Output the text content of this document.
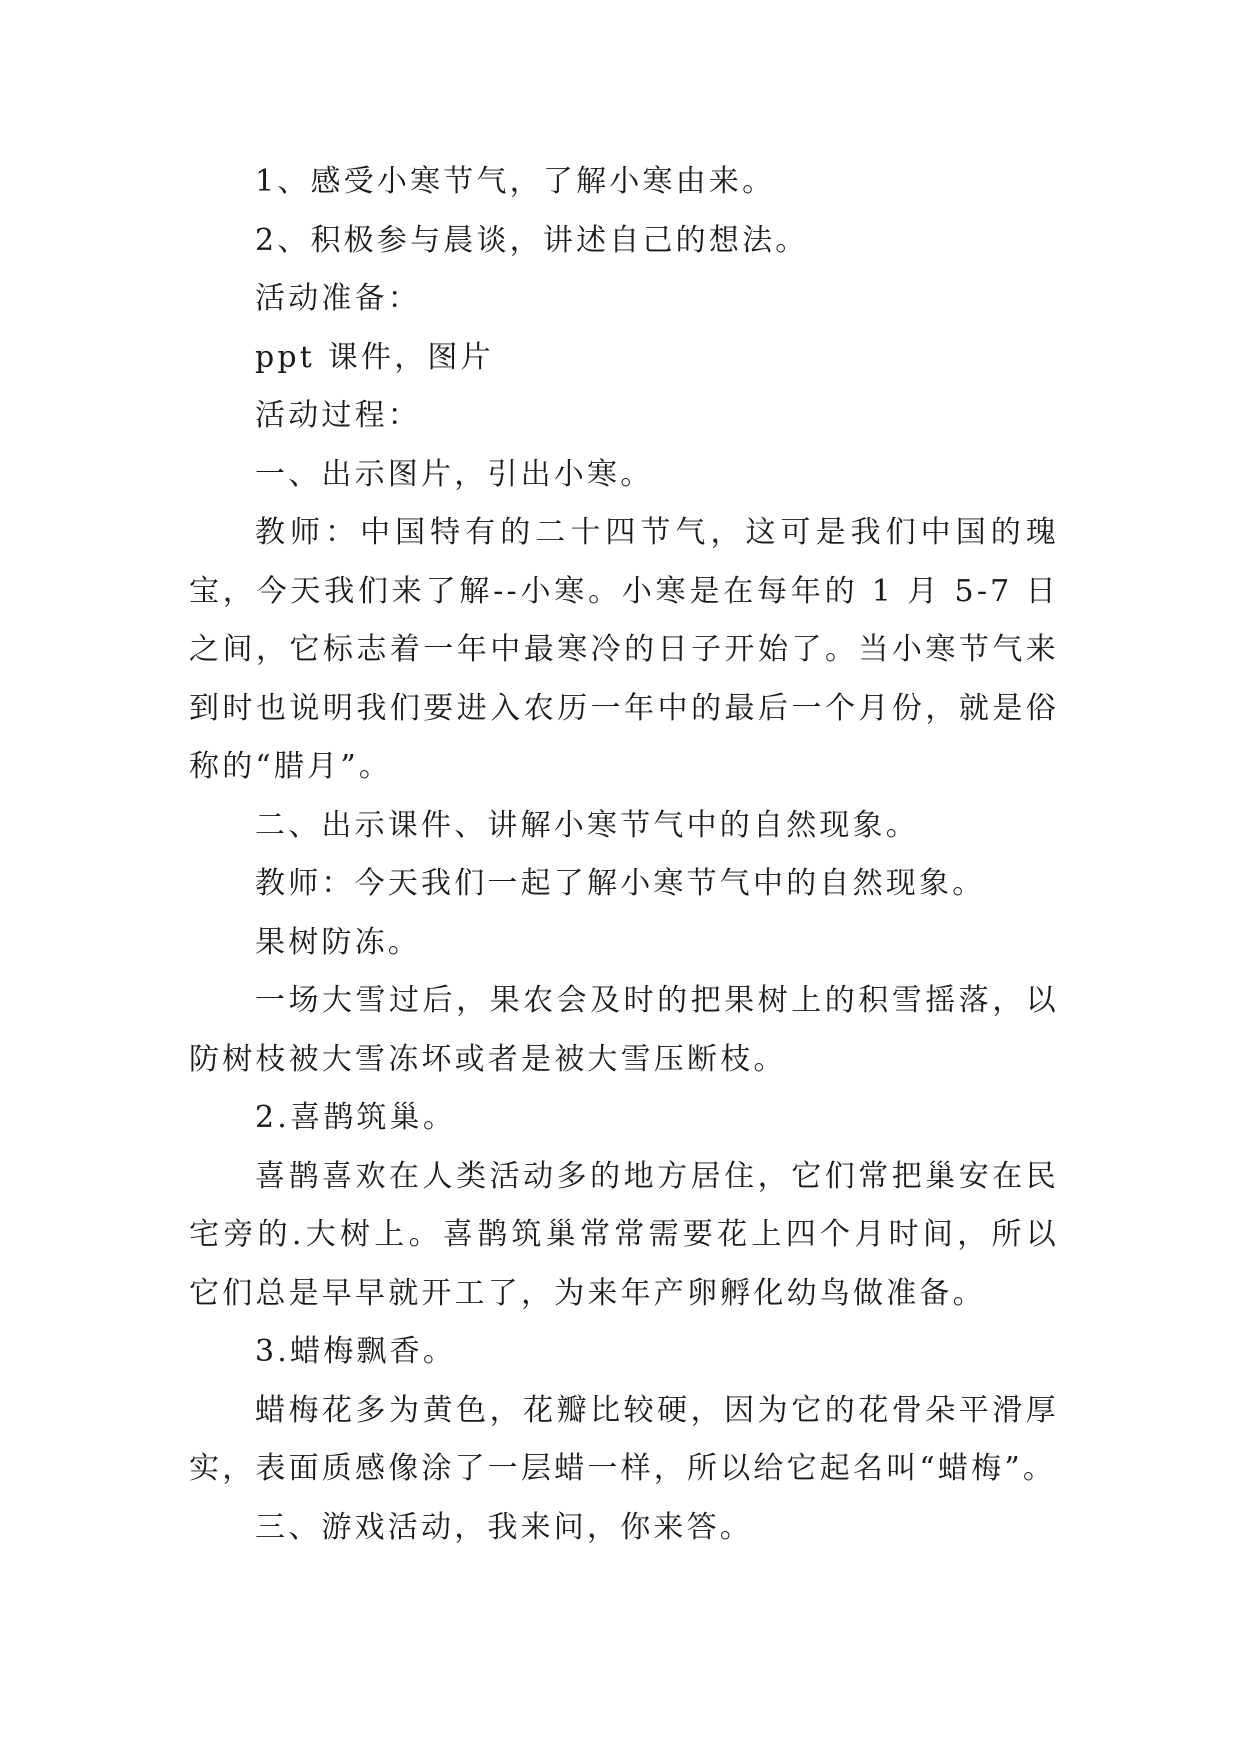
1、感受小寒节气，了解小寒由来。

2、积极参与晨谈，讲述自己的想法。

活动准备：

ppt 课件，图片

活动过程：

一、出示图片，引出小寒。

教师：中国特有的二十四节气，这可是我们中国的瑰宝，今天我们来了解--小寒。小寒是在每年的 1 月 5-7 日之间，它标志着一年中最寒冷的日子开始了。当小寒节气来到时也说明我们要进入农历一年中的最后一个月份，就是俗称的“腊月”。

二、出示课件、讲解小寒节气中的自然现象。

教师：今天我们一起了解小寒节气中的自然现象。

果树防冻。

一场大雪过后，果农会及时的把果树上的积雪摇落，以防树枝被大雪冻坏或者是被大雪压断枝。

2.喜鹊筑巢。

喜鹊喜欢在人类活动多的地方居住，它们常把巢安在民宅旁的.大树上。喜鹊筑巢常常需要花上四个月时间，所以它们总是早早就开工了，为来年产卵孵化幼鸟做准备。

3.蜡梅飘香。

蜡梅花多为黄色，花瓣比较硬，因为它的花骨朵平滑厚实，表面质感像涂了一层蜡一样，所以给它起名叫“蜡梅”。

三、游戏活动，我来问，你来答。
